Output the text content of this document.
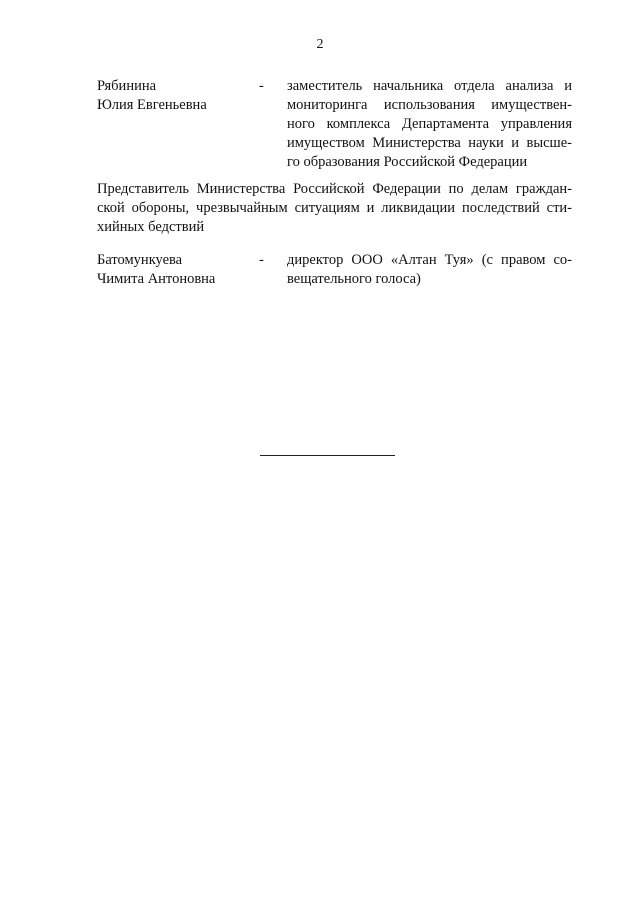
2
Рябинина
Юлия Евгеньевна
- заместитель начальника отдела анализа и
мониторинга использования имуществен-
ного комплекса Департамента управления
имуществом Министерства науки и высше-
го образования Российской Федерации
Представитель Министерства Российской Федерации по делам граждан-
ской обороны, чрезвычайным ситуациям и ликвидации последствий сти-
хийных бедствий
Батомункуева
Чимита Антоновна
- директор ООО «Алтан Туя» (с правом со-
вещательного голоса)
